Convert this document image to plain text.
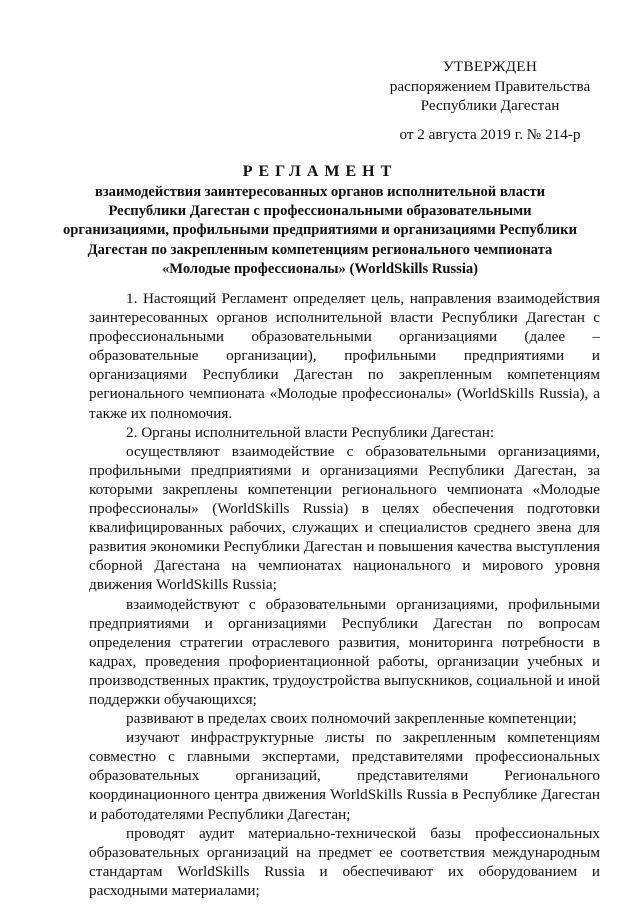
УТВЕРЖДЕН
распоряжением Правительства
Республики Дагестан
от 2 августа 2019 г. № 214-р
РЕГЛАМЕНТ
взаимодействия заинтересованных органов исполнительной власти Республики Дагестан с профессиональными образовательными организациями, профильными предприятиями и организациями Республики Дагестан по закрепленным компетенциям регионального чемпионата «Молодые профессионалы» (WorldSkills Russia)

1. Настоящий Регламент определяет цель, направления взаимодействия заинтересованных органов исполнительной власти Республики Дагестан с профессиональными образовательными организациями (далее – образовательные организации), профильными предприятиями и организациями Республики Дагестан по закрепленным компетенциям регионального чемпионата «Молодые профессионалы» (WorldSkills Russia), а также их полномочия.

2. Органы исполнительной власти Республики Дагестан:

осуществляют взаимодействие с образовательными организациями, профильными предприятиями и организациями Республики Дагестан, за которыми закреплены компетенции регионального чемпионата «Молодые профессионалы» (WorldSkills Russia) в целях обеспечения подготовки квалифицированных рабочих, служащих и специалистов среднего звена для развития экономики Республики Дагестан и повышения качества выступления сборной Дагестана на чемпионатах национального и мирового уровня движения WorldSkills Russia;

взаимодействуют с образовательными организациями, профильными предприятиями и организациями Республики Дагестан по вопросам определения стратегии отраслевого развития, мониторинга потребности в кадрах, проведения профориентационной работы, организации учебных и производственных практик, трудоустройства выпускников, социальной и иной поддержки обучающихся;

развивают в пределах своих полномочий закрепленные компетенции;

изучают инфраструктурные листы по закрепленным компетенциям совместно с главными экспертами, представителями профессиональных образовательных организаций, представителями Регионального координационного центра движения WorldSkills Russia в Республике Дагестан и работодателями Республики Дагестан;

проводят аудит материально-технической базы профессиональных образовательных организаций на предмет ее соответствия международным стандартам WorldSkills Russia и обеспечивают их оборудованием и расходными материалами;
